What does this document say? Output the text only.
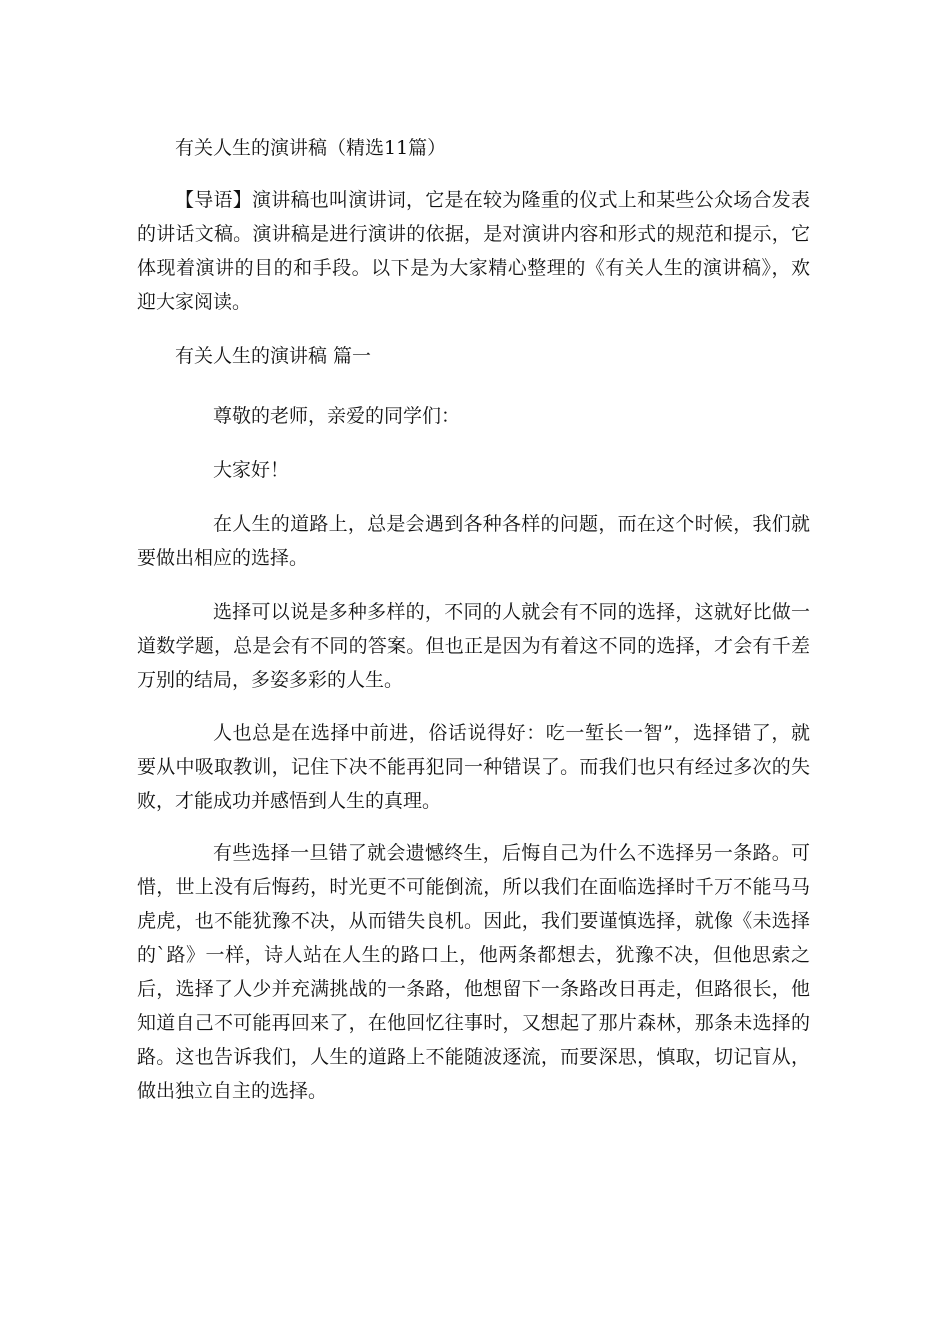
有关人生的演讲稿（精选11篇）

【导语】演讲稿也叫演讲词，它是在较为隆重的仪式上和某些公众场合发表的讲话文稿。演讲稿是进行演讲的依据，是对演讲内容和形式的规范和提示，它体现着演讲的目的和手段。以下是为大家精心整理的《有关人生的演讲稿》，欢迎大家阅读。

有关人生的演讲稿 篇一
尊敬的老师，亲爱的同学们：
大家好！

在人生的道路上，总是会遇到各种各样的问题，而在这个时候，我们就要做出相应的选择。

选择可以说是多种多样的，不同的人就会有不同的选择，这就好比做一道数学题，总是会有不同的答案。但也正是因为有着这不同的选择，才会有千差万别的结局，多姿多彩的人生。

人也总是在选择中前进，俗话说得好：吃一堑长一智”，选择错了，就要从中吸取教训，记住下决不能再犯同一种错误了。而我们也只有经过多次的失败，才能成功并感悟到人生的真理。

有些选择一旦错了就会遗憾终生，后悔自己为什么不选择另一条路。可惜，世上没有后悔药，时光更不可能倒流，所以我们在面临选择时千万不能马马虎虎，也不能犹豫不决，从而错失良机。因此，我们要谨慎选择，就像《未选择的`路》一样，诗人站在人生的路口上，他两条都想去，犹豫不决，但他思索之后，选择了人少并充满挑战的一条路，他想留下一条路改日再走，但路很长，他知道自己不可能再回来了，在他回忆往事时，又想起了那片森林，那条未选择的路。这也告诉我们，人生的道路上不能随波逐流，而要深思，慎取，切记盲从，做出独立自主的选择。
